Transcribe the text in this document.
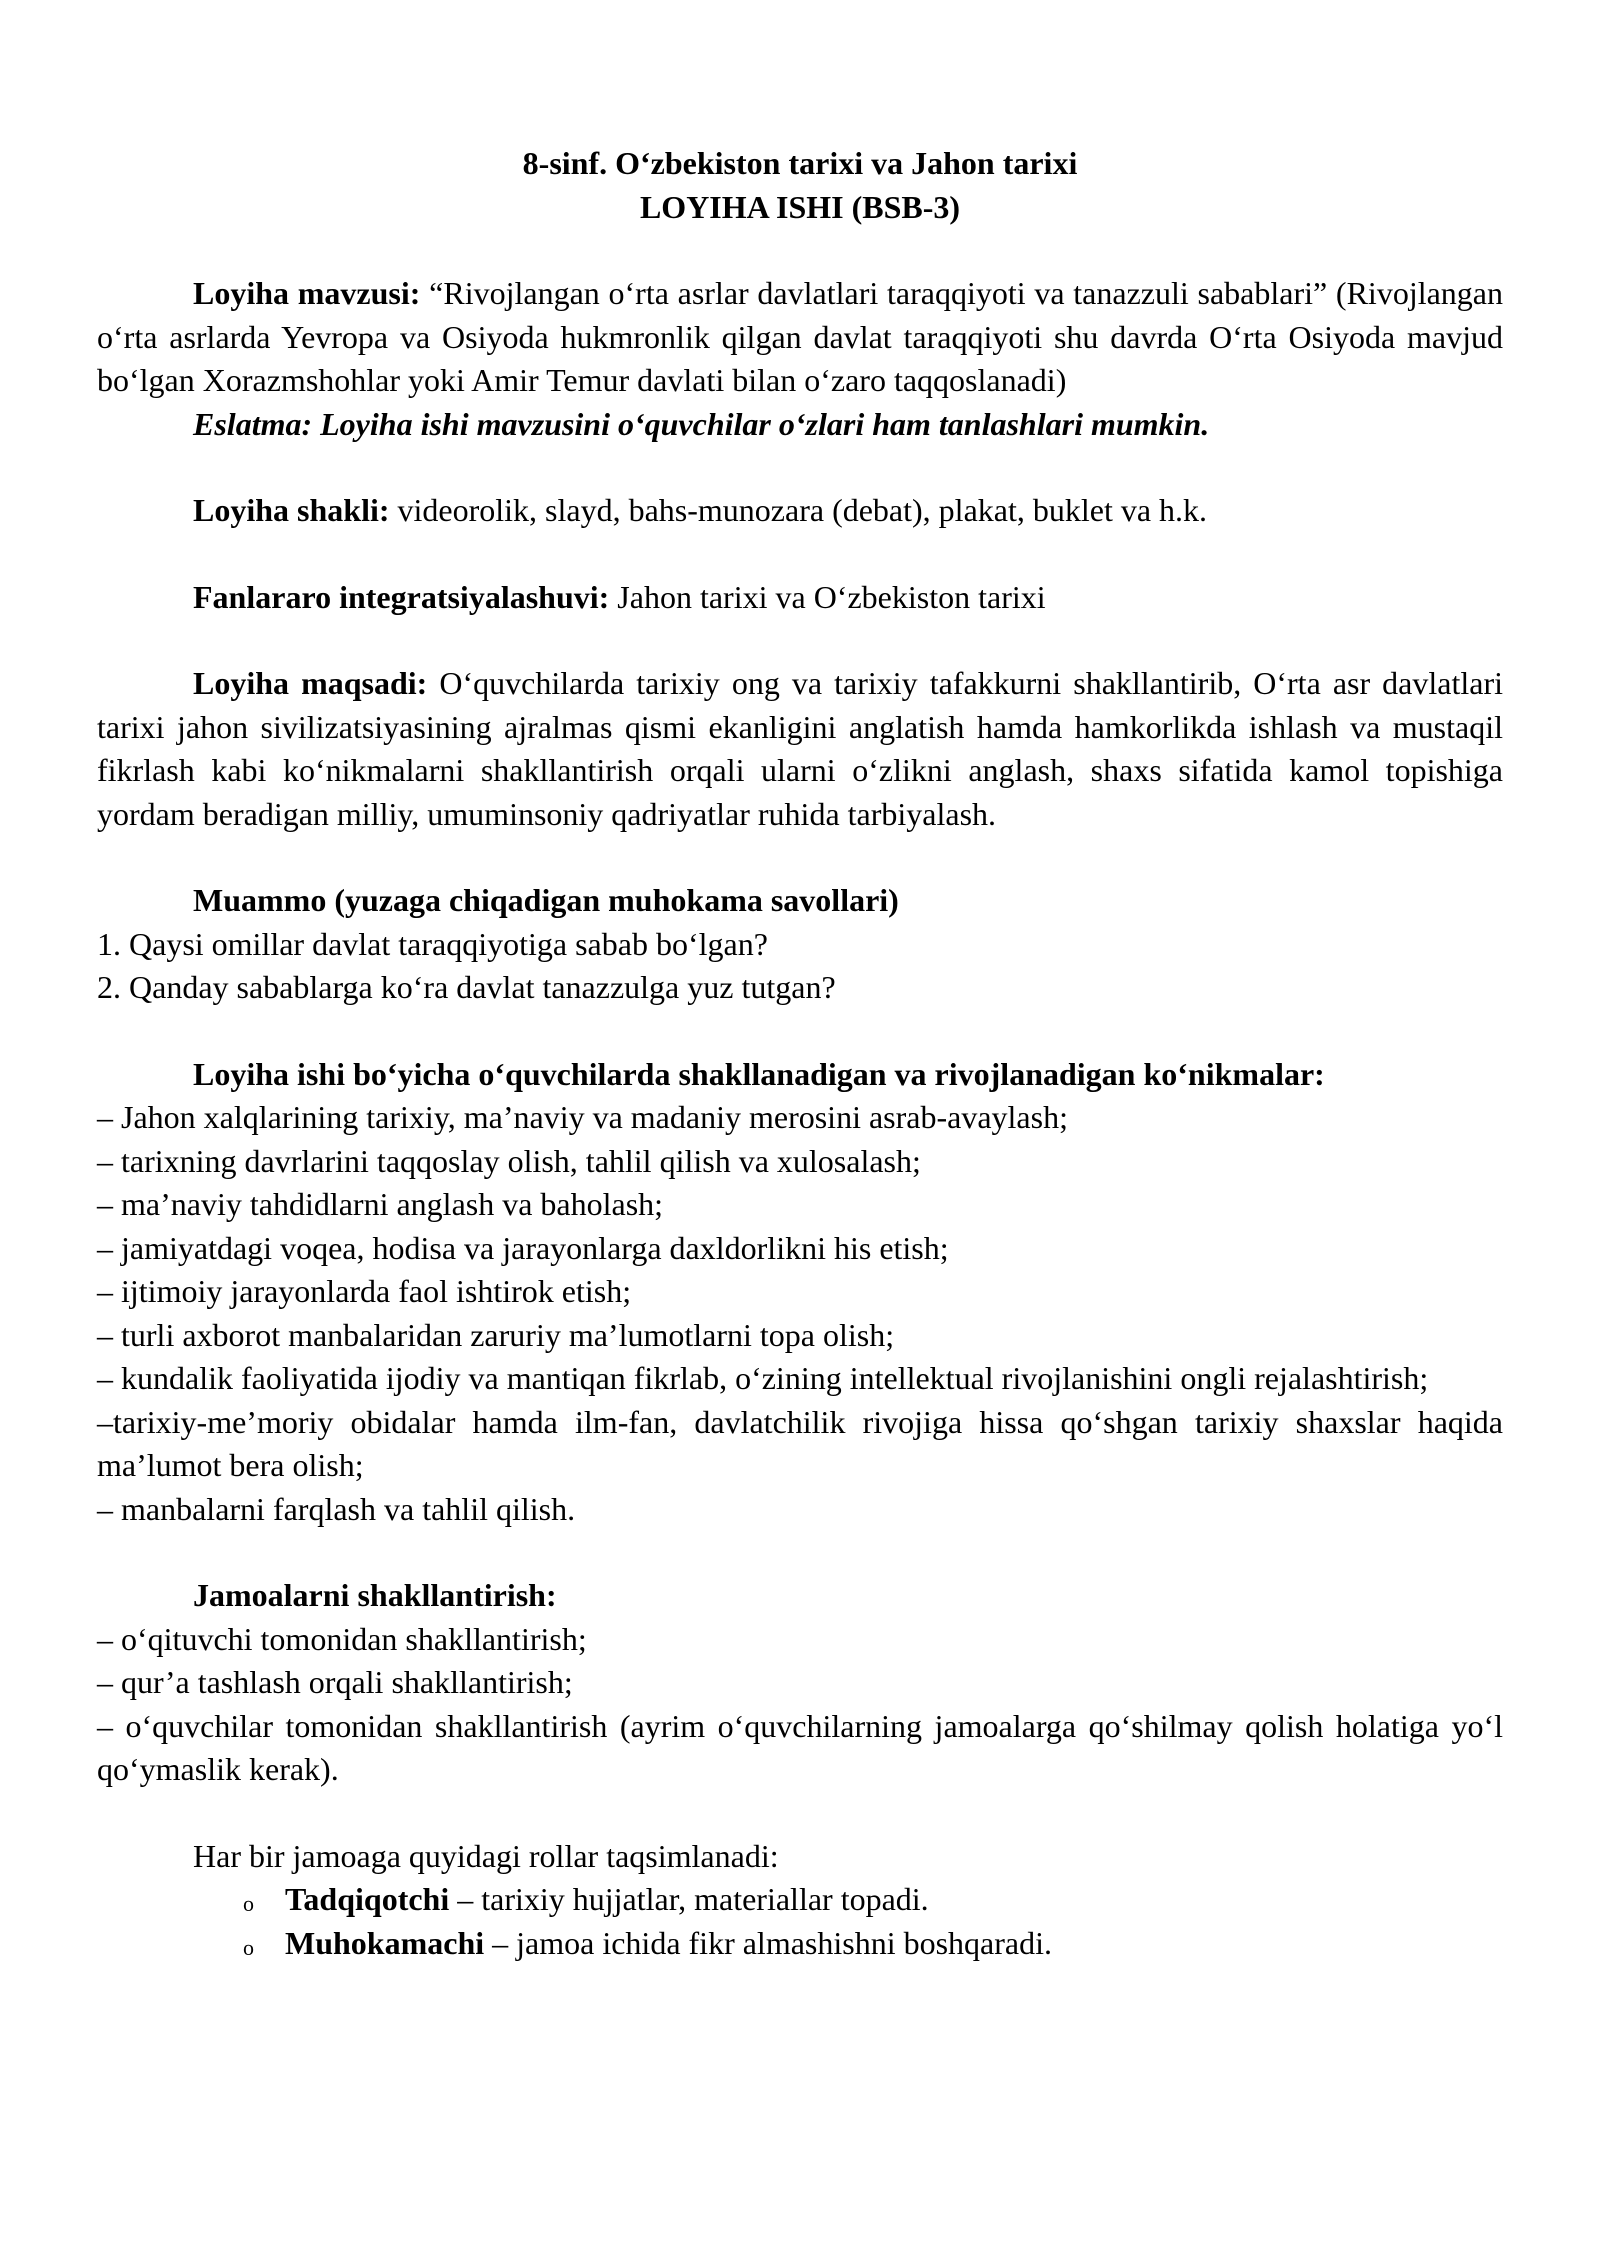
8-sinf. O‘zbekiston tarixi va Jahon tarixi

LOYIHA ISHI (BSB-3)

Loyiha mavzusi: “Rivojlangan o‘rta asrlar davlatlari taraqqiyoti va tanazzuli sabablari” (Rivojlangan o‘rta asrlarda Yevropa va Osiyoda hukmronlik qilgan davlat taraqqiyoti shu davrda O‘rta Osiyoda mavjud bo‘lgan Xorazmshohlar yoki Amir Temur davlati bilan o‘zaro taqqoslanadi)

Eslatma: Loyiha ishi mavzusini o‘quvchilar o‘zlari ham tanlashlari mumkin.

Loyiha shakli: videorolik, slayd, bahs-munozara (debat), plakat, buklet va h.k.

Fanlararo integratsiyalashuvi: Jahon tarixi va O‘zbekiston tarixi

Loyiha maqsadi: O‘quvchilarda tarixiy ong va tarixiy tafakkurni shakllantirib, O‘rta asr davlatlari tarixi jahon sivilizatsiyasining ajralmas qismi ekanligini anglatish hamda hamkorlikda ishlash va mustaqil fikrlash kabi ko‘nikmalarni shakllantirish orqali ularni o‘zlikni anglash, shaxs sifatida kamol topishiga yordam beradigan milliy, umuminsoniy qadriyatlar ruhida tarbiyalash.

Muammo (yuzaga chiqadigan muhokama savollari)

1. Qaysi omillar davlat taraqqiyotiga sabab bo‘lgan?

2. Qanday sabablarga ko‘ra davlat tanazzulga yuz tutgan?

Loyiha ishi bo‘yicha o‘quvchilarda shakllanadigan va rivojlanadigan ko‘nikmalar:

– Jahon xalqlarining tarixiy, ma’naviy va madaniy merosini asrab-avaylash;

– tarixning davrlarini taqqoslay olish, tahlil qilish va xulosalash;

– ma’naviy tahdidlarni anglash va baholash;

– jamiyatdagi voqea, hodisa va jarayonlarga daxldorlikni his etish;

– ijtimoiy jarayonlarda faol ishtirok etish;

– turli axborot manbalaridan zaruriy ma’lumotlarni topa olish;

– kundalik faoliyatida ijodiy va mantiqan fikrlab, o‘zining intellektual rivojlanishini ongli rejalashtirish;

–tarixiy-me’moriy obidalar hamda ilm-fan, davlatchilik rivojiga hissa qo‘shgan tarixiy shaxslar haqida ma’lumot bera olish;

– manbalarni farqlash va tahlil qilish.

Jamoalarni shakllantirish:

– o‘qituvchi tomonidan shakllantirish;

– qur’a tashlash orqali shakllantirish;

– o‘quvchilar tomonidan shakllantirish (ayrim o‘quvchilarning jamoalarga qo‘shilmay qolish holatiga yo‘l qo‘ymaslik kerak).

Har bir jamoaga quyidagi rollar taqsimlanadi:

o Tadqiqotchi – tarixiy hujjatlar, materiallar topadi.

o Muhokamachi – jamoa ichida fikr almashishni boshqaradi.
